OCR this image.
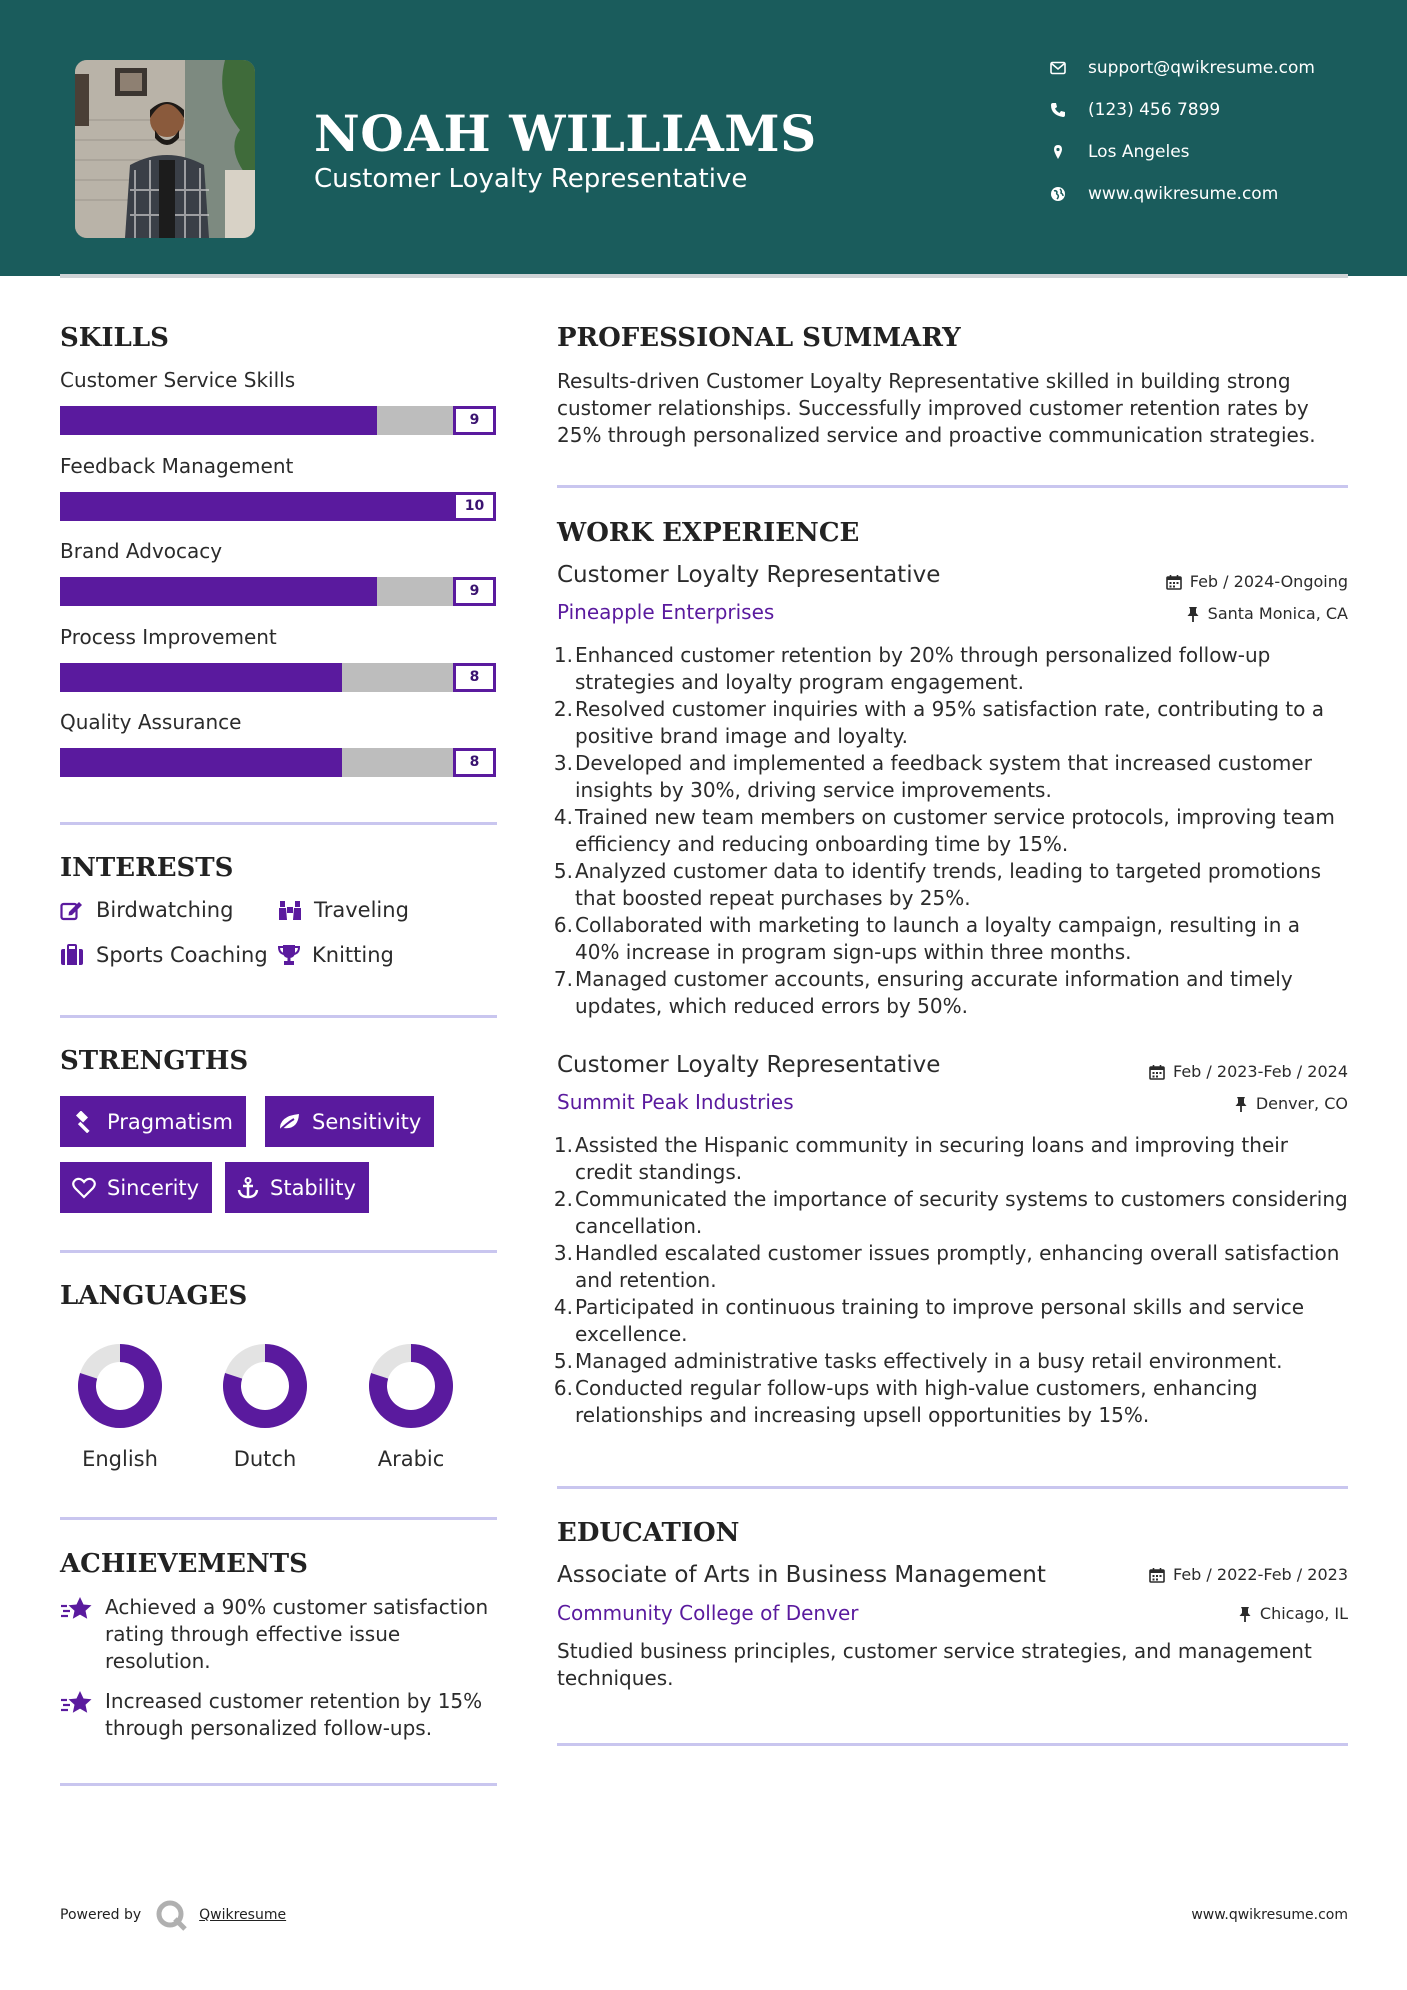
NOAH WILLIAMS
Customer Loyalty Representative
support@qwikresume.com
(123) 456 7899
Los Angeles
www.qwikresume.com
SKILLS
Customer Service Skills
9
Feedback Management
10
Brand Advocacy
9
Process Improvement
8
Quality Assurance
8
INTERESTS
Birdwatching	Traveling
Sports Coaching Knitting
STRENGTHS
Pragmatism	Sensitivity
Sincerity	Stability
LANGUAGES
English	Dutch	Arabic
ACHIEVEMENTS
Achieved a 90% customer satisfaction rating through effective issue resolution.
Increased customer retention by 15% through personalized follow-ups.
PROFESSIONAL SUMMARY
Results-driven Customer Loyalty Representative skilled in building strong customer relationships. Successfully improved customer retention rates by 25% through personalized service and proactive communication strategies.
WORK EXPERIENCE
Customer Loyalty Representative	Feb / 2024-Ongoing
Pineapple Enterprises	Santa Monica, CA
1. Enhanced customer retention by 20% through personalized follow-up strategies and loyalty program engagement.
2. Resolved customer inquiries with a 95% satisfaction rate, contributing to a positive brand image and loyalty.
3. Developed and implemented a feedback system that increased customer insights by 30%, driving service improvements.
4. Trained new team members on customer service protocols, improving team efficiency and reducing onboarding time by 15%.
5. Analyzed customer data to identify trends, leading to targeted promotions that boosted repeat purchases by 25%.
6. Collaborated with marketing to launch a loyalty campaign, resulting in a 40% increase in program sign-ups within three months.
7. Managed customer accounts, ensuring accurate information and timely updates, which reduced errors by 50%.
Customer Loyalty Representative	Feb / 2023-Feb / 2024
Summit Peak Industries	Denver, CO
1. Assisted the Hispanic community in securing loans and improving their credit standings.
2. Communicated the importance of security systems to customers considering cancellation.
3. Handled escalated customer issues promptly, enhancing overall satisfaction and retention.
4. Participated in continuous training to improve personal skills and service excellence.
5. Managed administrative tasks effectively in a busy retail environment.
6. Conducted regular follow-ups with high-value customers, enhancing relationships and increasing upsell opportunities by 15%.
EDUCATION
Associate of Arts in Business Management	Feb / 2022-Feb / 2023
Community College of Denver	Chicago, IL
Studied business principles, customer service strategies, and management techniques.
Powered by	Qwikresume	www.qwikresume.com
